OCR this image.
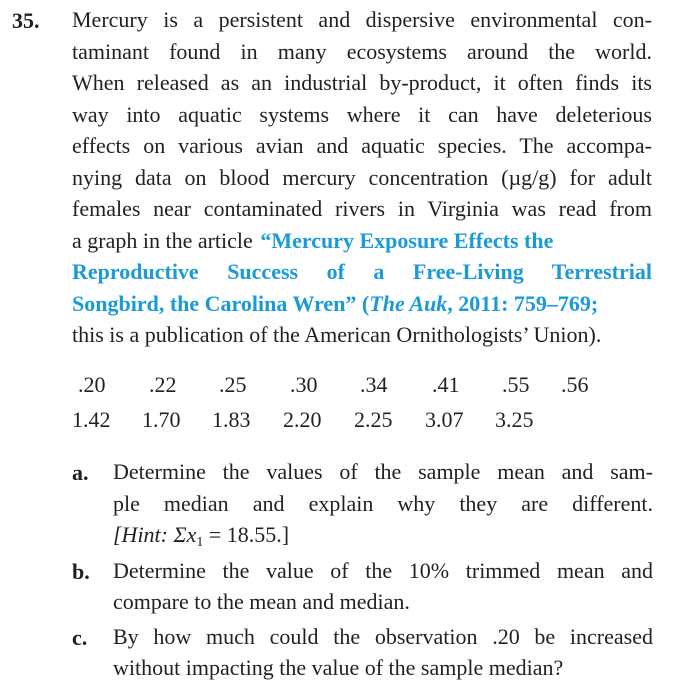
35. Mercury is a persistent and dispersive environmental con-
taminant found in many ecosystems around the world.
When released as an industrial by-product, it often finds its
way into aquatic systems where it can have deleterious
effects on various avian and aquatic species. The accompa-
nying data on blood mercury concentration (µg/g) for adult
females near contaminated rivers in Virginia was read from
a graph in the article “Mercury Exposure Effects the
Reproductive Success of a Free-Living Terrestrial
Songbird, the Carolina Wren” (The Auk, 2011: 759–769;
this is a publication of the American Ornithologists’ Union).
.20 .22 .25 .30 .34 .41 .55 .56
1.42 1.70 1.83 2.20 2.25 3.07 3.25
a. Determine the values of the sample mean and sam-
ple median and explain why they are different.
[Hint: $\Sigma x_1 = 18.55$.]
b. Determine the value of the 10% trimmed mean and
compare to the mean and median.
c. By how much could the observation .20 be increased
without impacting the value of the sample median?
